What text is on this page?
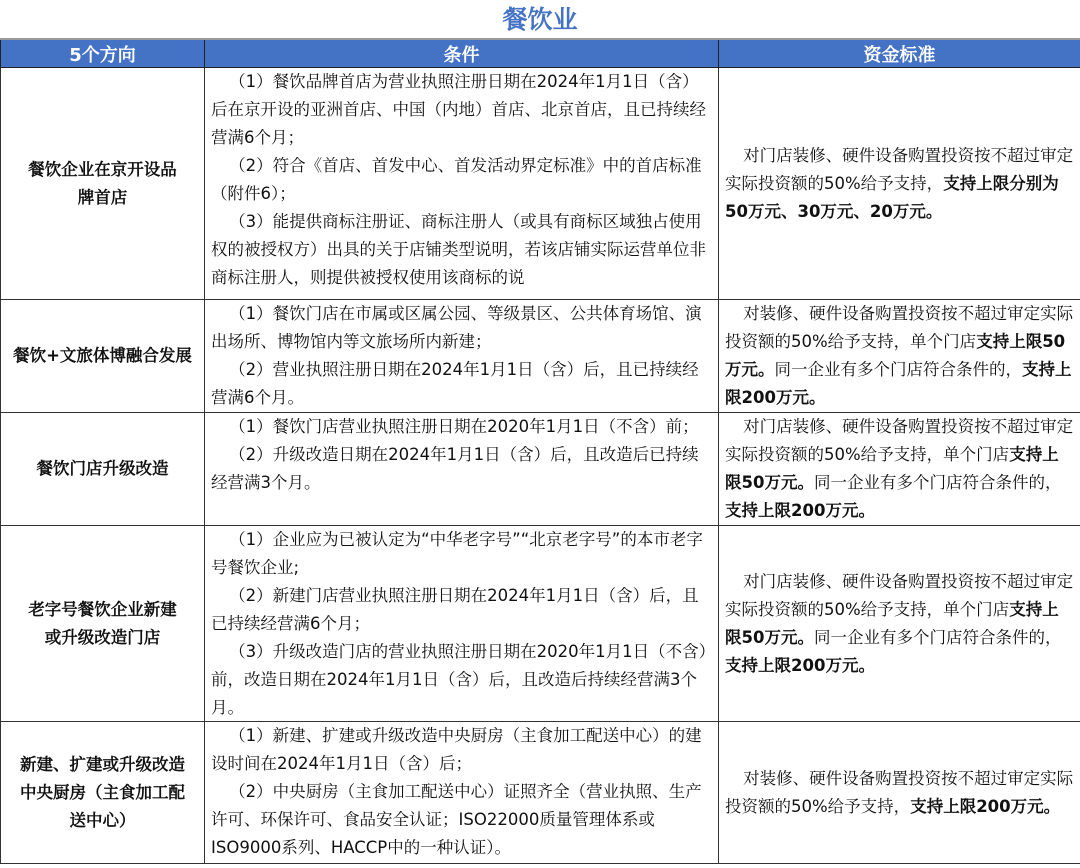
餐饮业
5个方向	条件	资金标准

餐饮企业在京开设品牌首店	（1）餐饮品牌首店为营业执照注册日期在2024年1月1日（含）后在京开设的亚洲首店、中国（内地）首店、北京首店，且已持续经营满6个月；
（2）符合《首店、首发中心、首发活动界定标准》中的首店标准（附件6）；
（3）能提供商标注册证、商标注册人（或具有商标区域独占使用权的被授权方）出具的关于店铺类型说明，若该店铺实际运营单位非商标注册人，则提供被授权使用该商标的说	对门店装修、硬件设备购置投资按不超过审定实际投资额的50%给予支持，支持上限分别为50万元、30万元、20万元。

餐饮+文旅体博融合发展	（1）餐饮门店在市属或区属公园、等级景区、公共体育场馆、演出场所、博物馆内等文旅场所内新建；
（2）营业执照注册日期在2024年1月1日（含）后，且已持续经营满6个月。	对装修、硬件设备购置投资按不超过审定实际投资额的50%给予支持，单个门店支持上限50万元。同一企业有多个门店符合条件的，支持上限200万元。

餐饮门店升级改造	（1）餐饮门店营业执照注册日期在2020年1月1日（不含）前；
（2）升级改造日期在2024年1月1日（含）后，且改造后已持续经营满3个月。	对门店装修、硬件设备购置投资按不超过审定实际投资额的50%给予支持，单个门店支持上限50万元。同一企业有多个门店符合条件的，支持上限200万元。

老字号餐饮企业新建或升级改造门店	（1）企业应为已被认定为“中华老字号”“北京老字号”的本市老字号餐饮企业;
（2）新建门店营业执照注册日期在2024年1月1日（含）后，且已持续经营满6个月；
（3）升级改造门店的营业执照注册日期在2020年1月1日（不含）前，改造日期在2024年1月1日（含）后，且改造后持续经营满3个月。	对门店装修、硬件设备购置投资按不超过审定实际投资额的50%给予支持，单个门店支持上限50万元。同一企业有多个门店符合条件的，支持上限200万元。

新建、扩建或升级改造中央厨房（主食加工配送中心）	（1）新建、扩建或升级改造中央厨房（主食加工配送中心）的建设时间在2024年1月1日（含）后；
（2）中央厨房（主食加工配送中心）证照齐全（营业执照、生产许可、环保许可、食品安全认证；ISO22000质量管理体系或ISO9000系列、HACCP中的一种认证）。	对装修、硬件设备购置投资按不超过审定实际投资额的50%给予支持，支持上限200万元。
